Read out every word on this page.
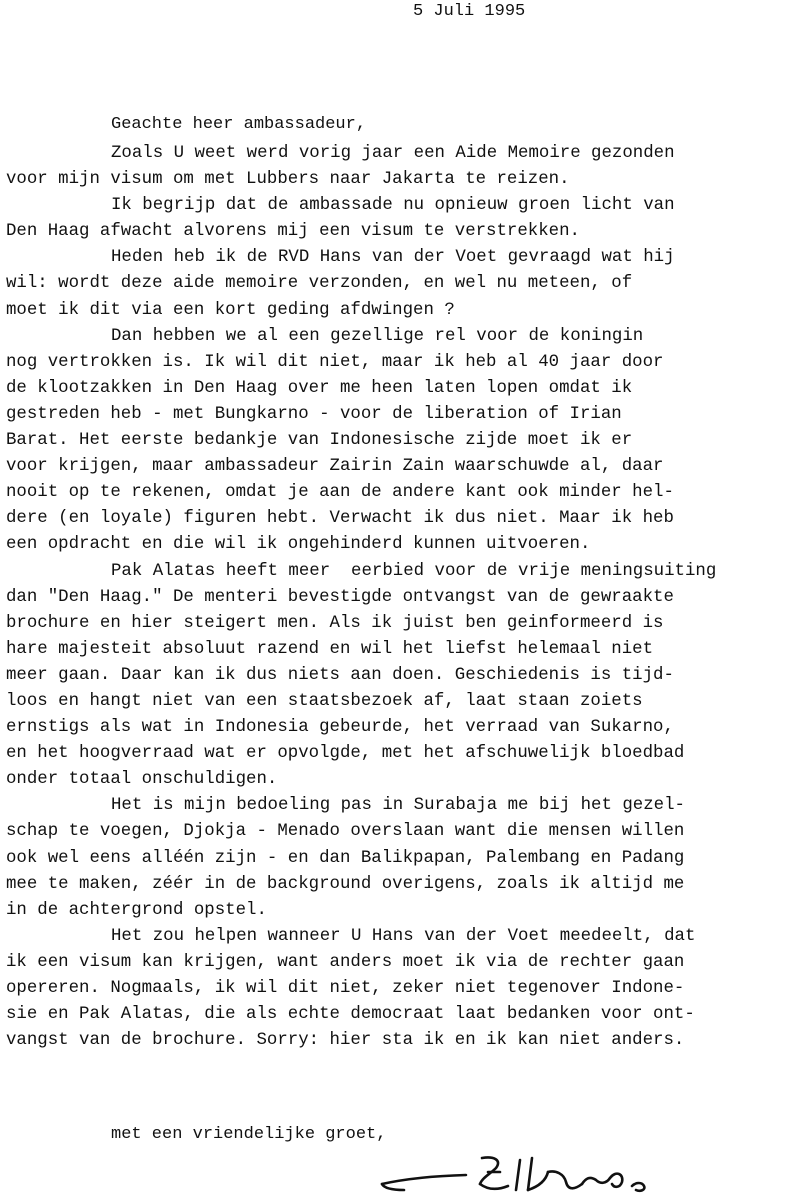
5 Juli 1995
Geachte heer ambassadeur,
Zoals U weet werd vorig jaar een Aide Memoire gezonden
voor mijn visum om met Lubbers naar Jakarta te reizen.
Ik begrijp dat de ambassade nu opnieuw groen licht van
Den Haag afwacht alvorens mij een visum te verstrekken.
Heden heb ik de RVD Hans van der Voet gevraagd wat hij
wil: wordt deze aide memoire verzonden, en wel nu meteen, of
moet ik dit via een kort geding afdwingen ?
Dan hebben we al een gezellige rel voor de koningin
nog vertrokken is. Ik wil dit niet, maar ik heb al 40 jaar door
de klootzakken in Den Haag over me heen laten lopen omdat ik
gestreden heb - met Bungkarno - voor de liberation of Irian
Barat. Het eerste bedankje van Indonesische zijde moet ik er
voor krijgen, maar ambassadeur Zairin Zain waarschuwde al, daar
nooit op te rekenen, omdat je aan de andere kant ook minder hel-
dere (en loyale) figuren hebt. Verwacht ik dus niet. Maar ik heb
een opdracht en die wil ik ongehinderd kunnen uitvoeren.
Pak Alatas heeft meer  eerbied voor de vrije meningsuiting
dan "Den Haag." De menteri bevestigde ontvangst van de gewraakte
brochure en hier steigert men. Als ik juist ben geinformeerd is
hare majesteit absoluut razend en wil het liefst helemaal niet
meer gaan. Daar kan ik dus niets aan doen. Geschiedenis is tijd-
loos en hangt niet van een staatsbezoek af, laat staan zoiets
ernstigs als wat in Indonesia gebeurde, het verraad van Sukarno,
en het hoogverraad wat er opvolgde, met het afschuwelijk bloedbad
onder totaal onschuldigen.
Het is mijn bedoeling pas in Surabaja me bij het gezel-
schap te voegen, Djokja - Menado overslaan want die mensen willen
ook wel eens alléén zijn - en dan Balikpapan, Palembang en Padang
mee te maken, zéér in de background overigens, zoals ik altijd me
in de achtergrond opstel.
Het zou helpen wanneer U Hans van der Voet meedeelt, dat
ik een visum kan krijgen, want anders moet ik via de rechter gaan
opereren. Nogmaals, ik wil dit niet, zeker niet tegenover Indone-
sie en Pak Alatas, die als echte democraat laat bedanken voor ont-
vangst van de brochure. Sorry: hier sta ik en ik kan niet anders.
met een vriendelijke groet,
